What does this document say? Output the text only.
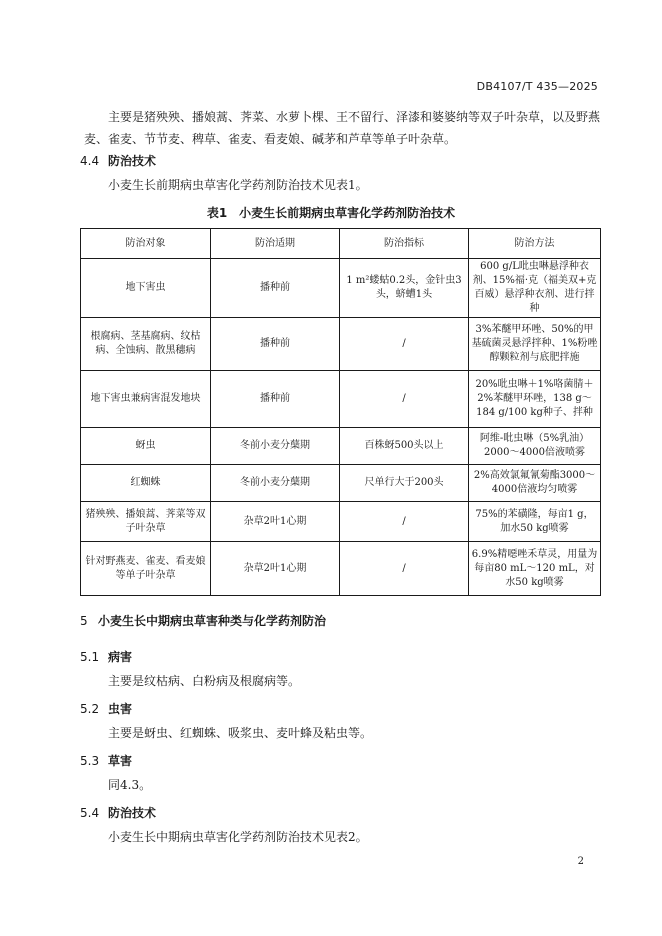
DB4107/T 435—2025
主要是猪殃殃、播娘蒿、荠菜、水萝卜棵、王不留行、泽漆和婆婆纳等双子叶杂草，以及野燕麦、雀麦、节节麦、稗草、雀麦、看麦娘、碱茅和芦草等单子叶杂草。
4.4 防治技术
小麦生长前期病虫草害化学药剂防治技术见表1。
表1　小麦生长前期病虫草害化学药剂防治技术
防治对象	防治适期	防治指标	防治方法
地下害虫	播种前	1 m²蝼蛄0.2头，金针虫3头，蛴螬1头	600 g/L吡虫啉悬浮种衣剂、15%福·克（福美双+克百威）悬浮种衣剂、进行拌种
根腐病、茎基腐病、纹枯病、全蚀病、散黑穗病	播种前	/	3%苯醚甲环唑、50%的甲基硫菌灵悬浮拌种、1%粉唑醇颗粒剂与底肥拌施
地下害虫兼病害混发地块	播种前	/	20%吡虫啉＋1%咯菌腈＋2%苯醚甲环唑，138 g～184 g/100 kg种子、拌种
蚜虫	冬前小麦分蘖期	百株蚜500头以上	阿维-吡虫啉（5%乳油）2000～4000倍液喷雾
红蜘蛛	冬前小麦分蘖期	尺单行大于200头	2%高效氯氟氰菊酯3000～4000倍液均匀喷雾
猪殃殃、播娘蒿、荠菜等双子叶杂草	杂草2叶1心期	/	75%的苯磺隆，每亩1 g，加水50 kg喷雾
针对野燕麦、雀麦、看麦娘等单子叶杂草	杂草2叶1心期	/	6.9%精噁唑禾草灵，用量为每亩80 mL～120 mL，对水50 kg喷雾
5 小麦生长中期病虫草害种类与化学药剂防治
5.1 病害
主要是纹枯病、白粉病及根腐病等。
5.2 虫害
主要是蚜虫、红蜘蛛、吸浆虫、麦叶蜂及粘虫等。
5.3 草害
同4.3。
5.4 防治技术
小麦生长中期病虫草害化学药剂防治技术见表2。
2
